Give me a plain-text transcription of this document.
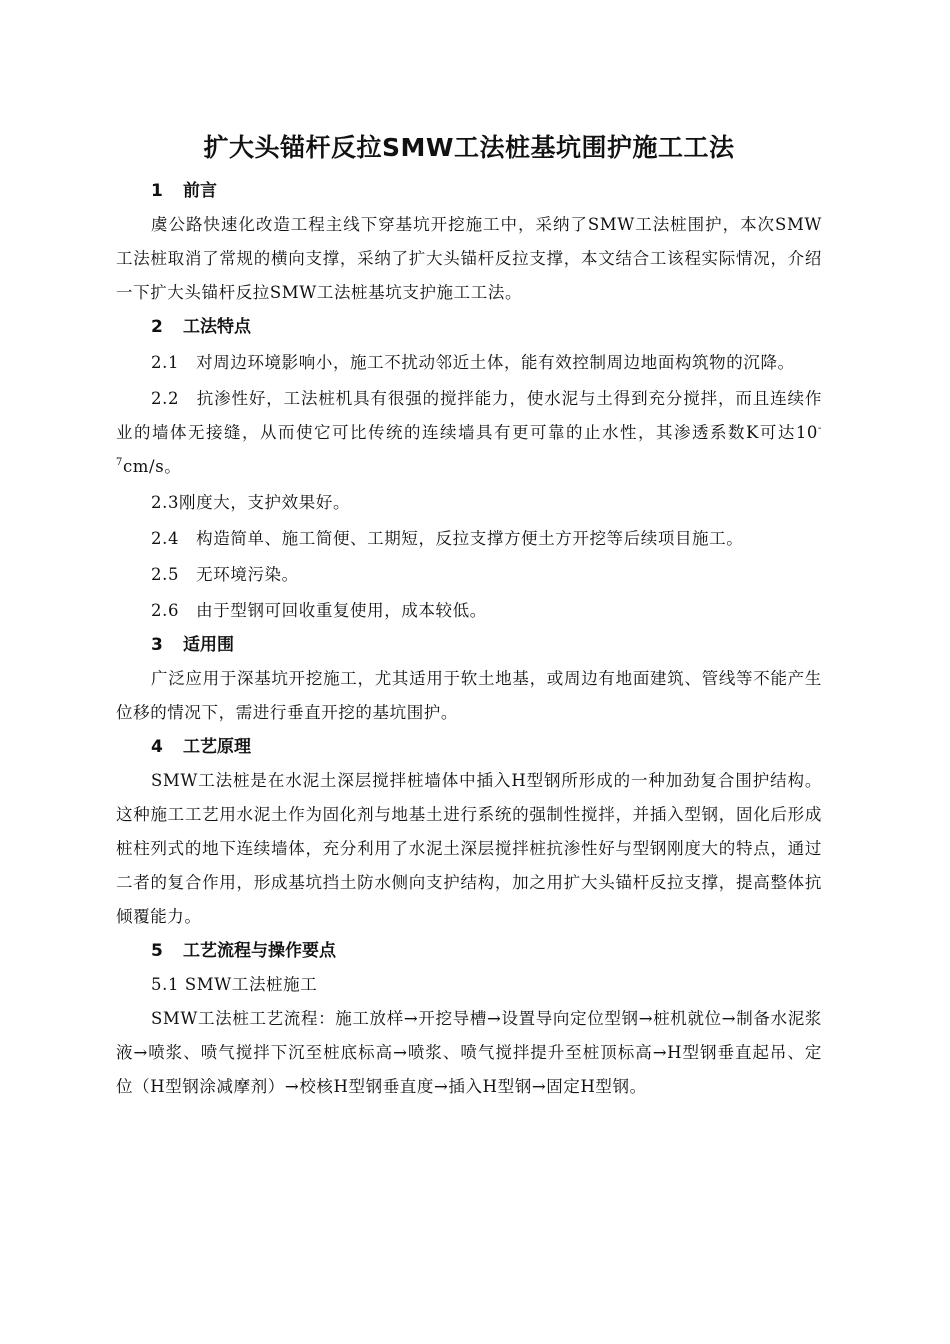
扩大头锚杆反拉SMW工法桩基坑围护施工工法
1 前言

虞公路快速化改造工程主线下穿基坑开挖施工中，采纳了SMW工法桩围护，本次SMW工法桩取消了常规的横向支撑，采纳了扩大头锚杆反拉支撑，本文结合工该程实际情况，介绍一下扩大头锚杆反拉SMW工法桩基坑支护施工工法。

2 工法特点

2.1　对周边环境影响小，施工不扰动邻近土体，能有效控制周边地面构筑物的沉降。

2.2　抗渗性好，工法桩机具有很强的搅拌能力，使水泥与土得到充分搅拌，而且连续作业的墙体无接缝，从而使它可比传统的连续墙具有更可靠的止水性，其渗透系数K可达$10^{-7}cm/s$。

2.3刚度大，支护效果好。

2.4　构造简单、施工简便、工期短，反拉支撑方便土方开挖等后续项目施工。

2.5　无环境污染。

2.6　由于型钢可回收重复使用，成本较低。

3 适用围

广泛应用于深基坑开挖施工，尤其适用于软土地基，或周边有地面建筑、管线等不能产生位移的情况下，需进行垂直开挖的基坑围护。

4 工艺原理

SMW工法桩是在水泥土深层搅拌桩墙体中插入H型钢所形成的一种加劲复合围护结构。这种施工工艺用水泥土作为固化剂与地基土进行系统的强制性搅拌，并插入型钢，固化后形成桩柱列式的地下连续墙体，充分利用了水泥土深层搅拌桩抗渗性好与型钢刚度大的特点，通过二者的复合作用，形成基坑挡土防水侧向支护结构，加之用扩大头锚杆反拉支撑，提高整体抗倾覆能力。

5 工艺流程与操作要点

5.1 SMW工法桩施工

SMW工法桩工艺流程：施工放样→开挖导槽→设置导向定位型钢→桩机就位→制备水泥浆液→喷浆、喷气搅拌下沉至桩底标高→喷浆、喷气搅拌提升至桩顶标高→H型钢垂直起吊、定位（H型钢涂减摩剂）→校核H型钢垂直度→插入H型钢→固定H型钢。
